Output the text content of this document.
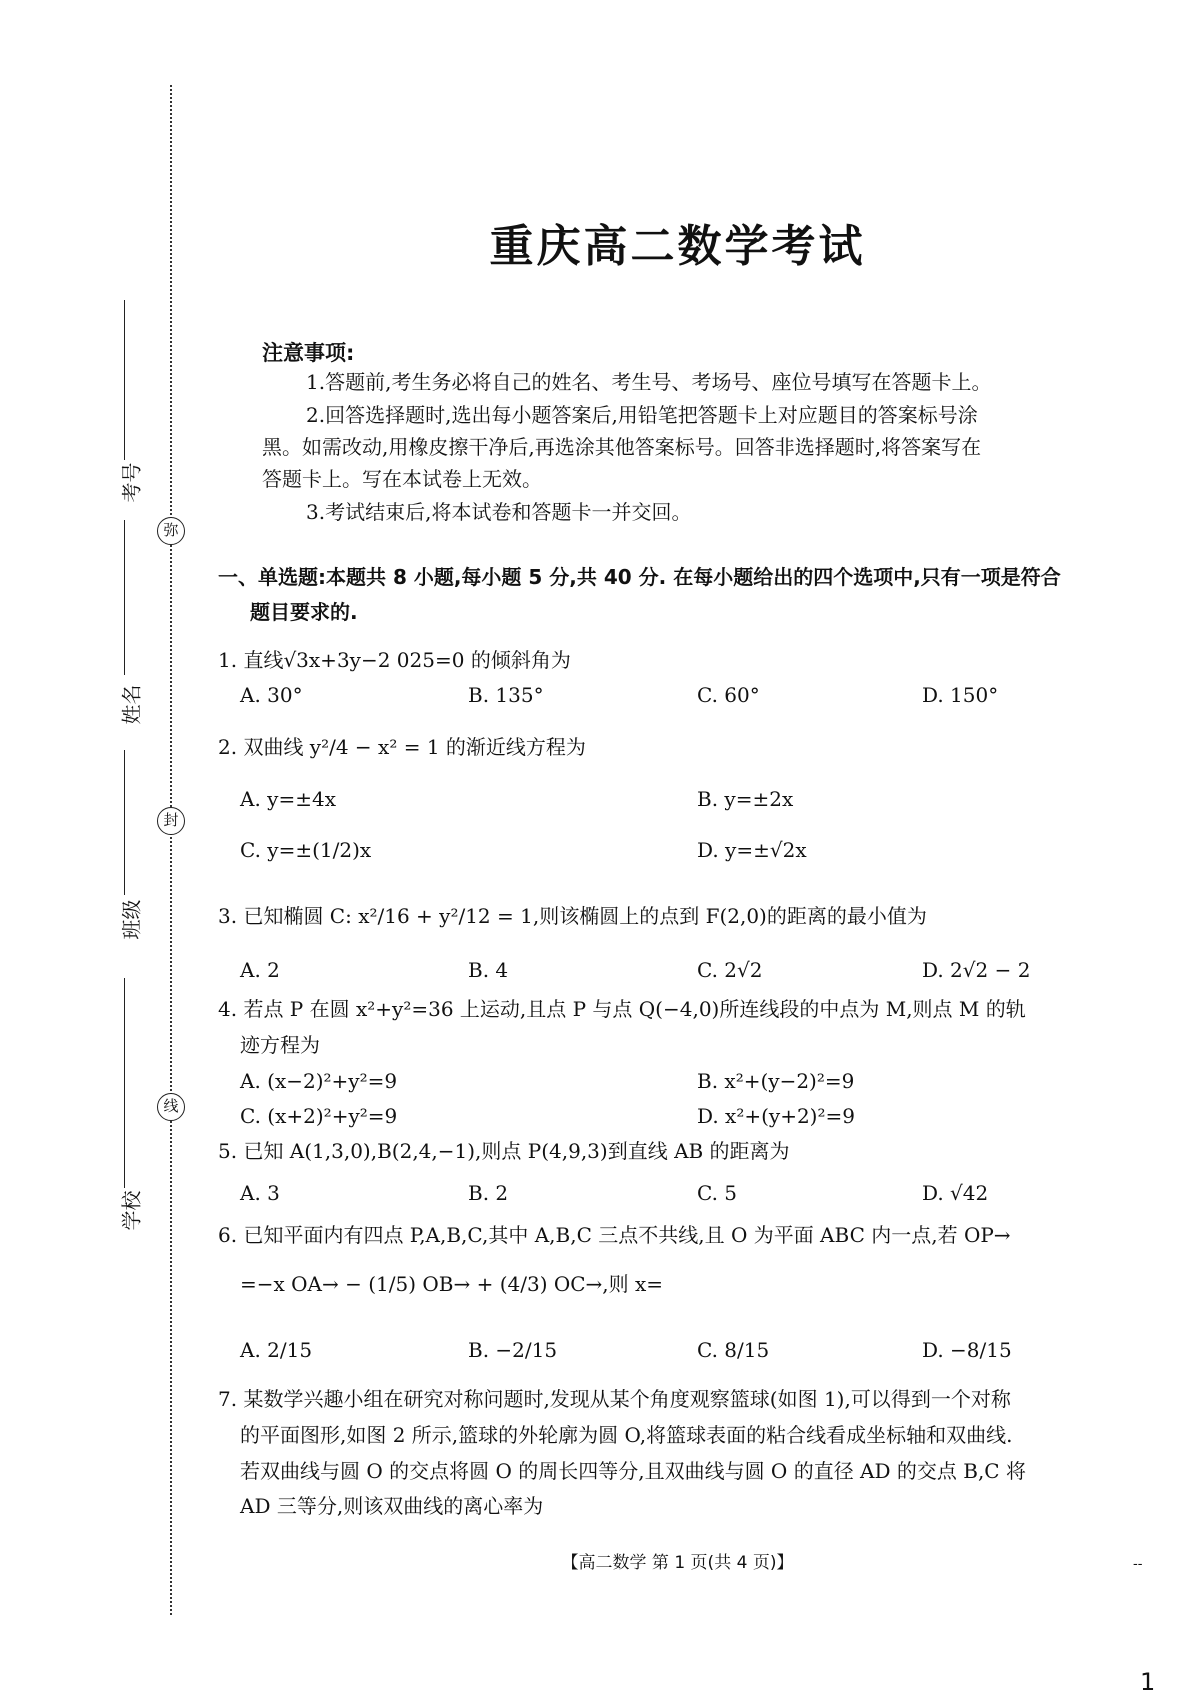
弥
封
线
考号
姓名
班级
学校
重庆高二数学考试
注意事项:
1.答题前,考生务必将自己的姓名、考生号、考场号、座位号填写在答题卡上。
2.回答选择题时,选出每小题答案后,用铅笔把答题卡上对应题目的答案标号涂
黑。如需改动,用橡皮擦干净后,再选涂其他答案标号。回答非选择题时,将答案写在
答题卡上。写在本试卷上无效。
3.考试结束后,将本试卷和答题卡一并交回。
一、单选题:本题共 8 小题,每小题 5 分,共 40 分. 在每小题给出的四个选项中,只有一项是符合
题目要求的.
1. 直线√3x+3y−2 025=0 的倾斜角为
A. 30°	B. 135°	C. 60°	D. 150°
2. 双曲线 y²/4 − x² = 1 的渐近线方程为
A. y=±4x	B. y=±2x
C. y=±(1/2)x	D. y=±√2x
3. 已知椭圆 C: x²/16 + y²/12 = 1,则该椭圆上的点到 F(2,0)的距离的最小值为
A. 2	B. 4	C. 2√2	D. 2√2 − 2
4. 若点 P 在圆 x²+y²=36 上运动,且点 P 与点 Q(−4,0)所连线段的中点为 M,则点 M 的轨
迹方程为
A. (x−2)²+y²=9	B. x²+(y−2)²=9
C. (x+2)²+y²=9	D. x²+(y+2)²=9
5. 已知 A(1,3,0),B(2,4,−1),则点 P(4,9,3)到直线 AB 的距离为
A. 3	B. 2	C. 5	D. √42
6. 已知平面内有四点 P,A,B,C,其中 A,B,C 三点不共线,且 O 为平面 ABC 内一点,若 OP→
=−x OA→ − (1/5) OB→ + (4/3) OC→,则 x=
A. 2/15	B. −2/15	C. 8/15	D. −8/15
7. 某数学兴趣小组在研究对称问题时,发现从某个角度观察篮球(如图 1),可以得到一个对称
的平面图形,如图 2 所示,篮球的外轮廓为圆 O,将篮球表面的粘合线看成坐标轴和双曲线.
若双曲线与圆 O 的交点将圆 O 的周长四等分,且双曲线与圆 O 的直径 AD 的交点 B,C 将
AD 三等分,则该双曲线的离心率为
【高二数学 第 1 页(共 4 页)】	--
1
